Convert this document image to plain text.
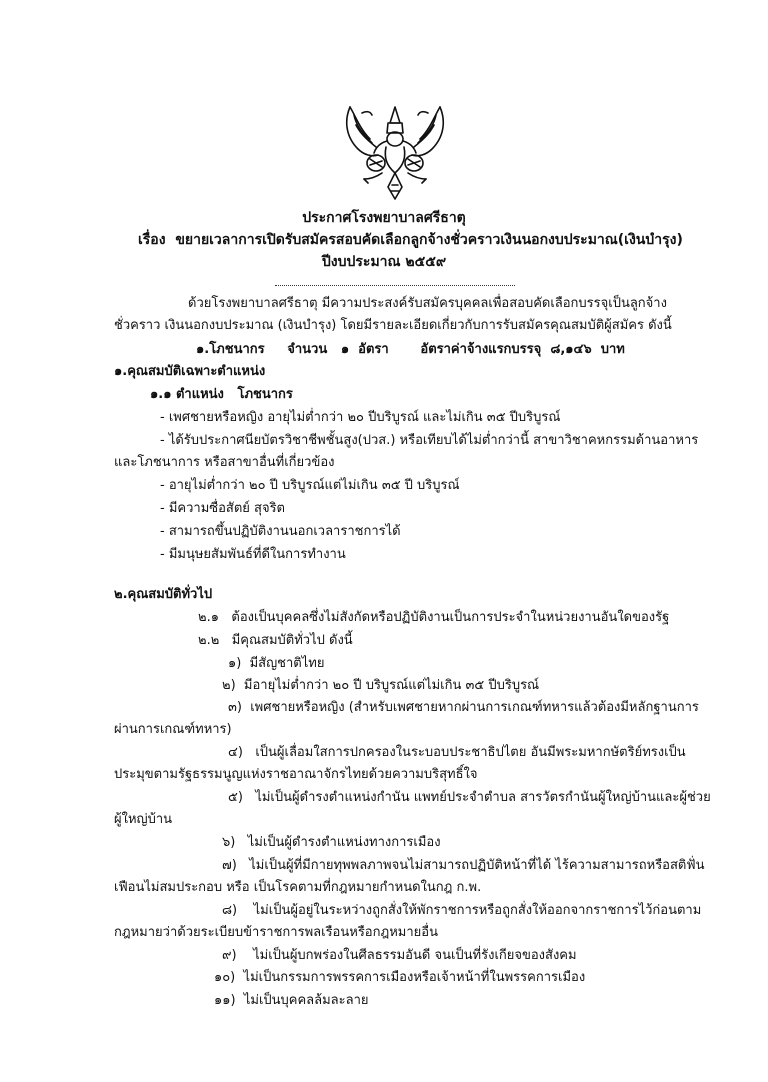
ประกาศโรงพยาบาลศรีธาตุ
เรื่อง ขยายเวลาการเปิดรับสมัครสอบคัดเลือกลูกจ้างชั่วคราวเงินนอกงบประมาณ(เงินบำรุง)
ปีงบประมาณ ๒๕๕๙
ด้วยโรงพยาบาลศรีธาตุ มีความประสงค์รับสมัครบุคคลเพื่อสอบคัดเลือกบรรจุเป็นลูกจ้าง
ชั่วคราว เงินนอกงบประมาณ (เงินบำรุง) โดยมีรายละเอียดเกี่ยวกับการรับสมัครคุณสมบัติผู้สมัคร ดังนี้
๑.โภชนากร จำนวน ๑ อัตรา อัตราค่าจ้างแรกบรรจุ ๘,๑๔๖ บาท
๑.คุณสมบัติเฉพาะตำแหน่ง
๑.๑ ตำแหน่ง โภชนากร
- เพศชายหรือหญิง อายุไม่ต่ำกว่า ๒๐ ปีบริบูรณ์ และไม่เกิน ๓๕ ปีบริบูรณ์
- ได้รับประกาศนียบัตรวิชาชีพชั้นสูง(ปวส.) หรือเทียบได้ไม่ต่ำกว่านี้ สาขาวิชาคหกรรมด้านอาหาร
และโภชนาการ หรือสาขาอื่นที่เกี่ยวข้อง
- อายุไม่ต่ำกว่า ๒๐ ปี บริบูรณ์แต่ไม่เกิน ๓๕ ปี บริบูรณ์
- มีความซื่อสัตย์ สุจริต
- สามารถขึ้นปฏิบัติงานนอกเวลาราชการได้
- มีมนุษยสัมพันธ์ที่ดีในการทำงาน
๒.คุณสมบัติทั่วไป
๒.๑ ต้องเป็นบุคคลซึ่งไม่สังกัดหรือปฏิบัติงานเป็นการประจำในหน่วยงานอันใดของรัฐ
๒.๒ มีคุณสมบัติทั่วไป ดังนี้
๑) มีสัญชาติไทย
๒) มีอายุไม่ต่ำกว่า ๒๐ ปี บริบูรณ์แต่ไม่เกิน ๓๕ ปีบริบูรณ์
๓) เพศชายหรือหญิง (สำหรับเพศชายหากผ่านการเกณฑ์ทหารแล้วต้องมีหลักฐานการ
ผ่านการเกณฑ์ทหาร)
๔) เป็นผู้เลื่อมใสการปกครองในระบอบประชาธิปไตย อันมีพระมหากษัตริย์ทรงเป็น
ประมุขตามรัฐธรรมนูญแห่งราชอาณาจักรไทยด้วยความบริสุทธิ์ใจ
๕) ไม่เป็นผู้ดำรงตำแหน่งกำนัน แพทย์ประจำตำบล สารวัตรกำนันผู้ใหญ่บ้านและผู้ช่วย
ผู้ใหญ่บ้าน
๖) ไม่เป็นผู้ดำรงตำแหน่งทางการเมือง
๗) ไม่เป็นผู้ที่มีกายทุพพลภาพจนไม่สามารถปฏิบัติหน้าที่ได้ ไร้ความสามารถหรือสติฟั่น
เฟือนไม่สมประกอบ หรือ เป็นโรคตามที่กฎหมายกำหนดในกฎ ก.พ.
๘) ไม่เป็นผู้อยู่ในระหว่างถูกสั่งให้พักราชการหรือถูกสั่งให้ออกจากราชการไว้ก่อนตาม
กฎหมายว่าด้วยระเบียบข้าราชการพลเรือนหรือกฎหมายอื่น
๙) ไม่เป็นผู้บกพร่องในศีลธรรมอันดี จนเป็นที่รังเกียจของสังคม
๑๐) ไม่เป็นกรรมการพรรคการเมืองหรือเจ้าหน้าที่ในพรรคการเมือง
๑๑) ไม่เป็นบุคคลล้มละลาย
